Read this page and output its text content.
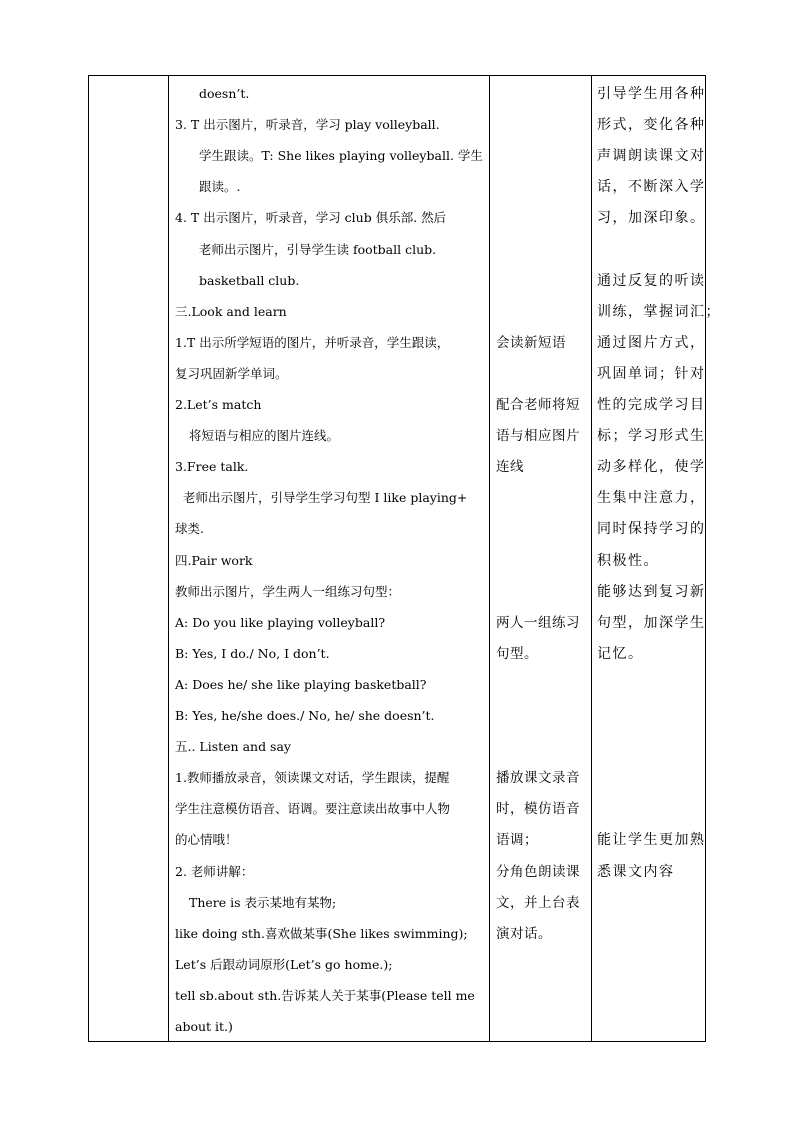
doesn’t.
3. T 出示图片，听录音，学习 play volleyball.
学生跟读。T: She likes playing volleyball. 学生
跟读。.
4. T 出示图片，听录音，学习 club 俱乐部. 然后
老师出示图片，引导学生读 football club.
basketball club.
三.Look and learn
1.T 出示所学短语的图片，并听录音，学生跟读，
复习巩固新学单词。
2.Let’s match
将短语与相应的图片连线。
3.Free talk.
老师出示图片，引导学生学习句型 I like playing+
球类.
四.Pair work
教师出示图片，学生两人一组练习句型：
A: Do you like playing volleyball?
B: Yes, I do./ No, I don’t.
A: Does he/ she like playing basketball?
B: Yes, he/she does./ No, he/ she doesn’t.
五.. Listen and say
1.教师播放录音，领读课文对话，学生跟读，提醒
学生注意模仿语音、语调。要注意读出故事中人物
的心情哦！
2. 老师讲解：
There is 表示某地有某物;
like doing sth.喜欢做某事(She likes swimming);
Let’s 后跟动词原形(Let’s go home.);
tell sb.about sth.告诉某人关于某事(Please tell me
about it.)
会读新短语
配合老师将短
语与相应图片
连线
两人一组练习
句型。
播放课文录音
时，模仿语音
语调；
分角色朗读课
文，并上台表
演对话。
引导学生用各种
形式，变化各种
声调朗读课文对
话，不断深入学
习，加深印象。
通过反复的听读
训练，掌握词汇；
通过图片方式，
巩固单词；针对
性的完成学习目
标；学习形式生
动多样化，使学
生集中注意力，
同时保持学习的
积极性。
能够达到复习新
句型，加深学生
记忆。
能让学生更加熟
悉课文内容
